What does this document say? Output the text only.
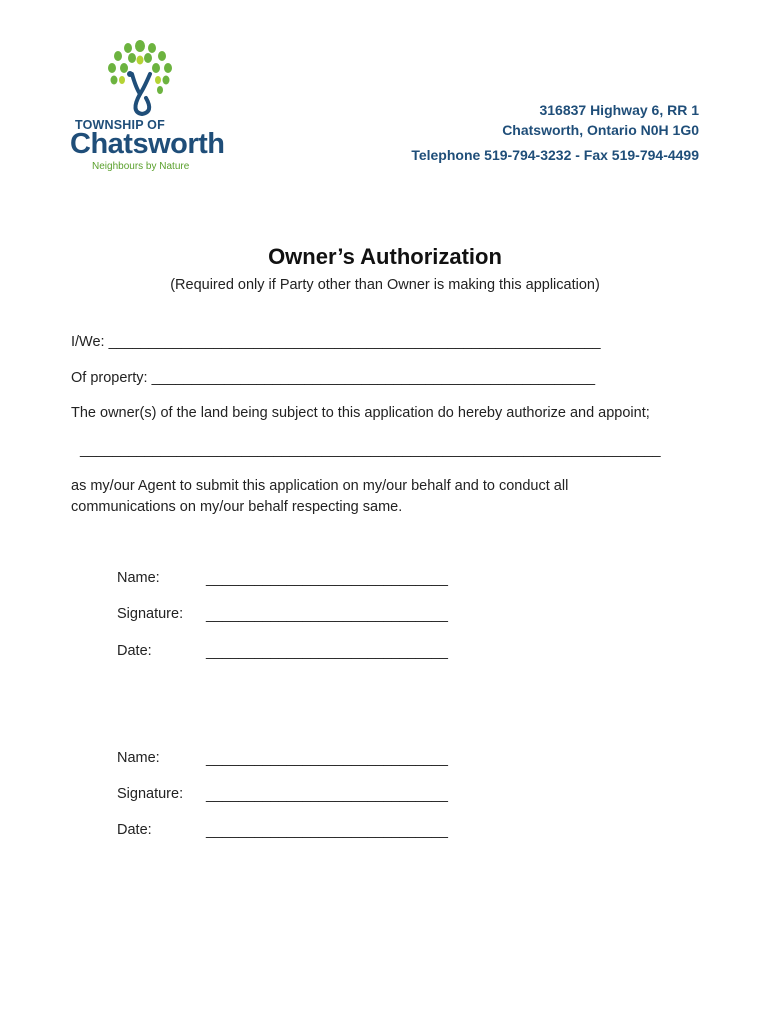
TOWNSHIP OF
Chatsworth
Neighbours by Nature
316837 Highway 6, RR 1
Chatsworth, Ontario N0H 1G0
Telephone 519-794-3232 - Fax 519-794-4499
Owner’s Authorization
(Required only if Party other than Owner is making this application)
I/We: _____________________________________________________________
Of property: _______________________________________________________
The owner(s) of the land being subject to this application do hereby authorize and appoint;
________________________________________________________________________
as my/our Agent to submit this application on my/our behalf and to conduct all
communications on my/our behalf respecting same.
Name:	______________________________
Signature: ______________________________
Date:	______________________________
Name:	______________________________
Signature: ______________________________
Date:	______________________________
